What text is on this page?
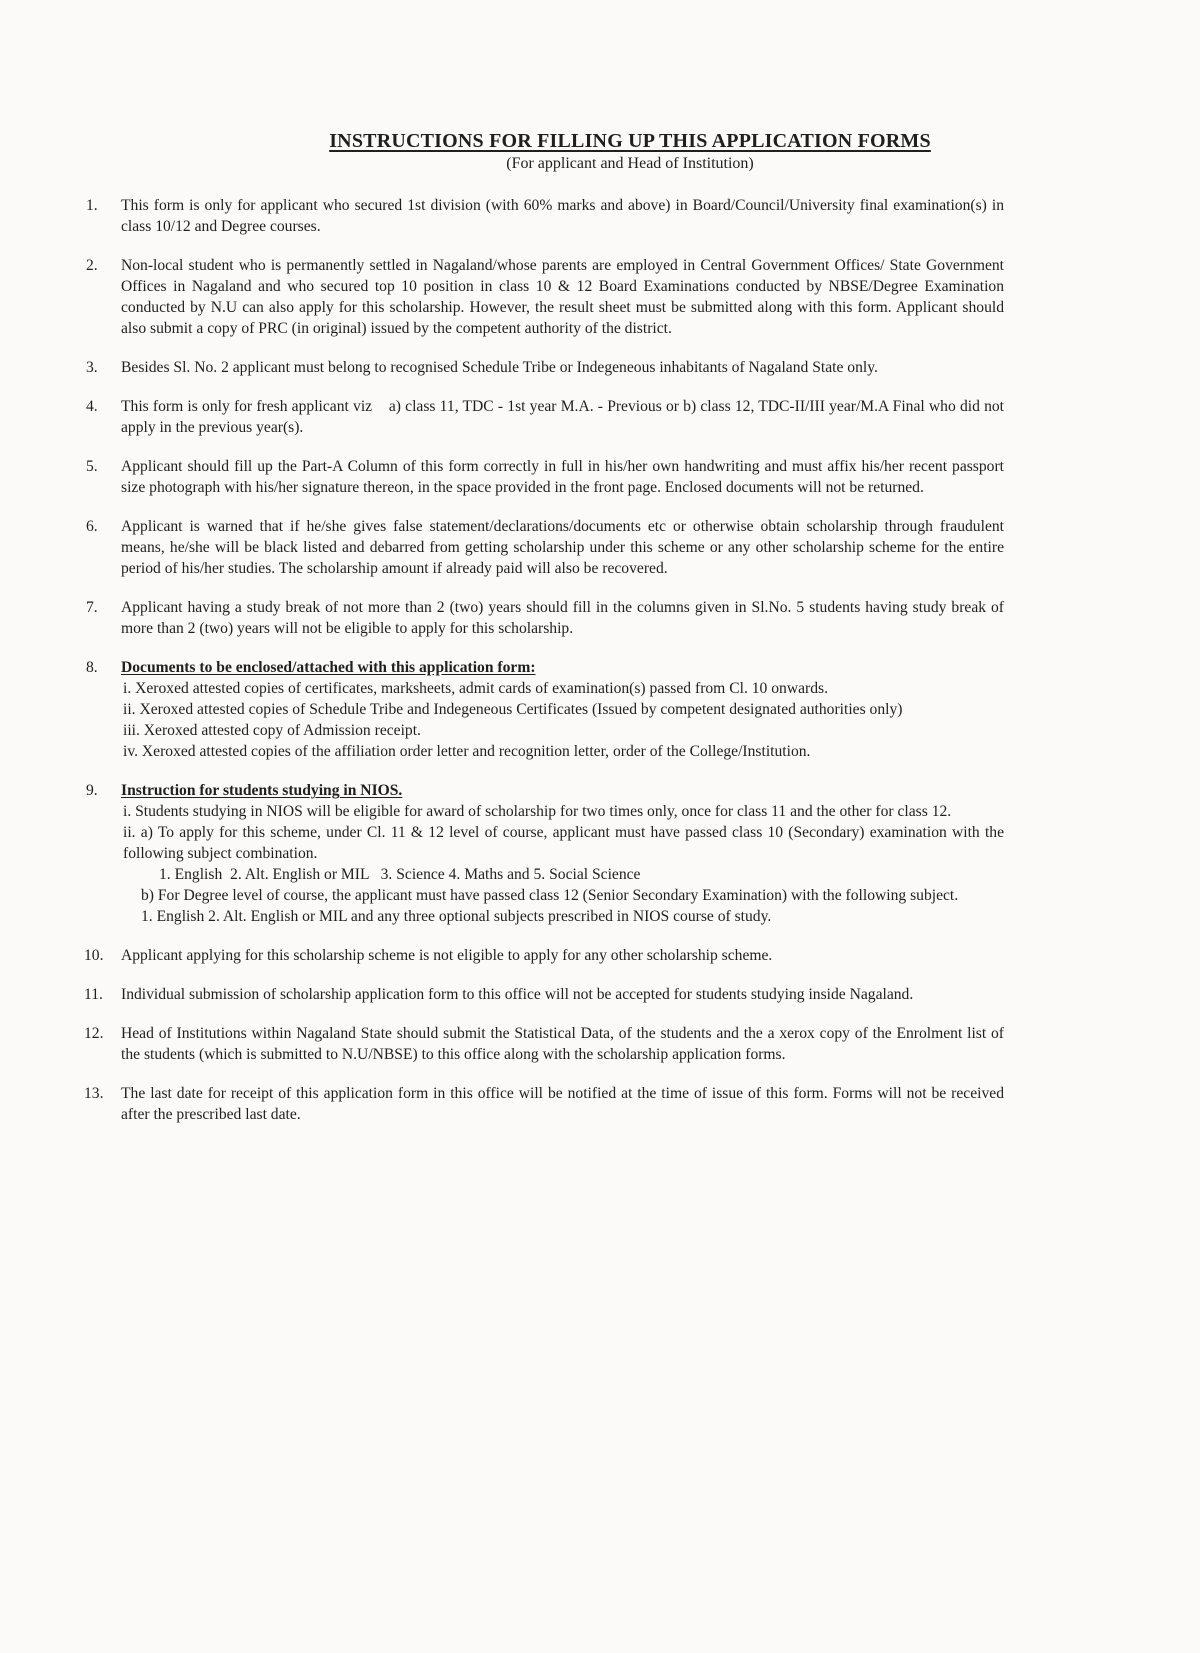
INSTRUCTIONS FOR FILLING UP THIS APPLICATION FORMS
(For applicant and Head of Institution)
1. This form is only for applicant who secured 1st division (with 60% marks and above) in Board/Council/University final examination(s) in class 10/12 and Degree courses.
2. Non-local student who is permanently settled in Nagaland/whose parents are employed in Central Government Offices/ State Government Offices in Nagaland and who secured top 10 position in class 10 & 12 Board Examinations conducted by NBSE/Degree Examination conducted by N.U can also apply for this scholarship. However, the result sheet must be submitted along with this form. Applicant should also submit a copy of PRC (in original) issued by the competent authority of the district.
3. Besides Sl. No. 2 applicant must belong to recognised Schedule Tribe or Indegeneous inhabitants of Nagaland State only.
4. This form is only for fresh applicant viz    a) class 11, TDC - 1st year M.A. - Previous or b) class 12, TDC-II/III year/M.A Final who did not apply in the previous year(s).
5. Applicant should fill up the Part-A Column of this form correctly in full in his/her own handwriting and must affix his/her recent passport size photograph with his/her signature thereon, in the space provided in the front page. Enclosed documents will not be returned.
6. Applicant is warned that if he/she gives false statement/declarations/documents etc or otherwise obtain scholarship through fraudulent means, he/she will be black listed and debarred from getting scholarship under this scheme or any other scholarship scheme for the entire period of his/her studies. The scholarship amount if already paid will also be recovered.
7. Applicant having a study break of not more than 2 (two) years should fill in the columns given in Sl.No. 5 students having study break of more than 2 (two) years will not be eligible to apply for this scholarship.
8. Documents to be enclosed/attached with this application form:
i. Xeroxed attested copies of certificates, marksheets, admit cards of examination(s) passed from Cl. 10 onwards.
ii. Xeroxed attested copies of Schedule Tribe and Indegeneous Certificates (Issued by competent designated authorities only)
iii. Xeroxed attested copy of Admission receipt.
iv. Xeroxed attested copies of the affiliation order letter and recognition letter, order of the College/Institution.
9. Instruction for students studying in NIOS.
i. Students studying in NIOS will be eligible for award of scholarship for two times only, once for class 11 and the other for class 12.
ii. a) To apply for this scheme, under Cl. 11 & 12 level of course, applicant must have passed class 10 (Secondary) examination with the following subject combination.
1. English  2. Alt. English or MIL   3. Science 4. Maths and 5. Social Science
b) For Degree level of course, the applicant must have passed class 12 (Senior Secondary Examination) with the following subject.
1. English 2. Alt. English or MIL and any three optional subjects prescribed in NIOS course of study.
10. Applicant applying for this scholarship scheme is not eligible to apply for any other scholarship scheme.
11. Individual submission of scholarship application form to this office will not be accepted for students studying inside Nagaland.
12. Head of Institutions within Nagaland State should submit the Statistical Data, of the students and the a xerox copy of the Enrolment list of the students (which is submitted to N.U/NBSE) to this office along with the scholarship application forms.
13. The last date for receipt of this application form in this office will be notified at the time of issue of this form. Forms will not be received after the prescribed last date.
